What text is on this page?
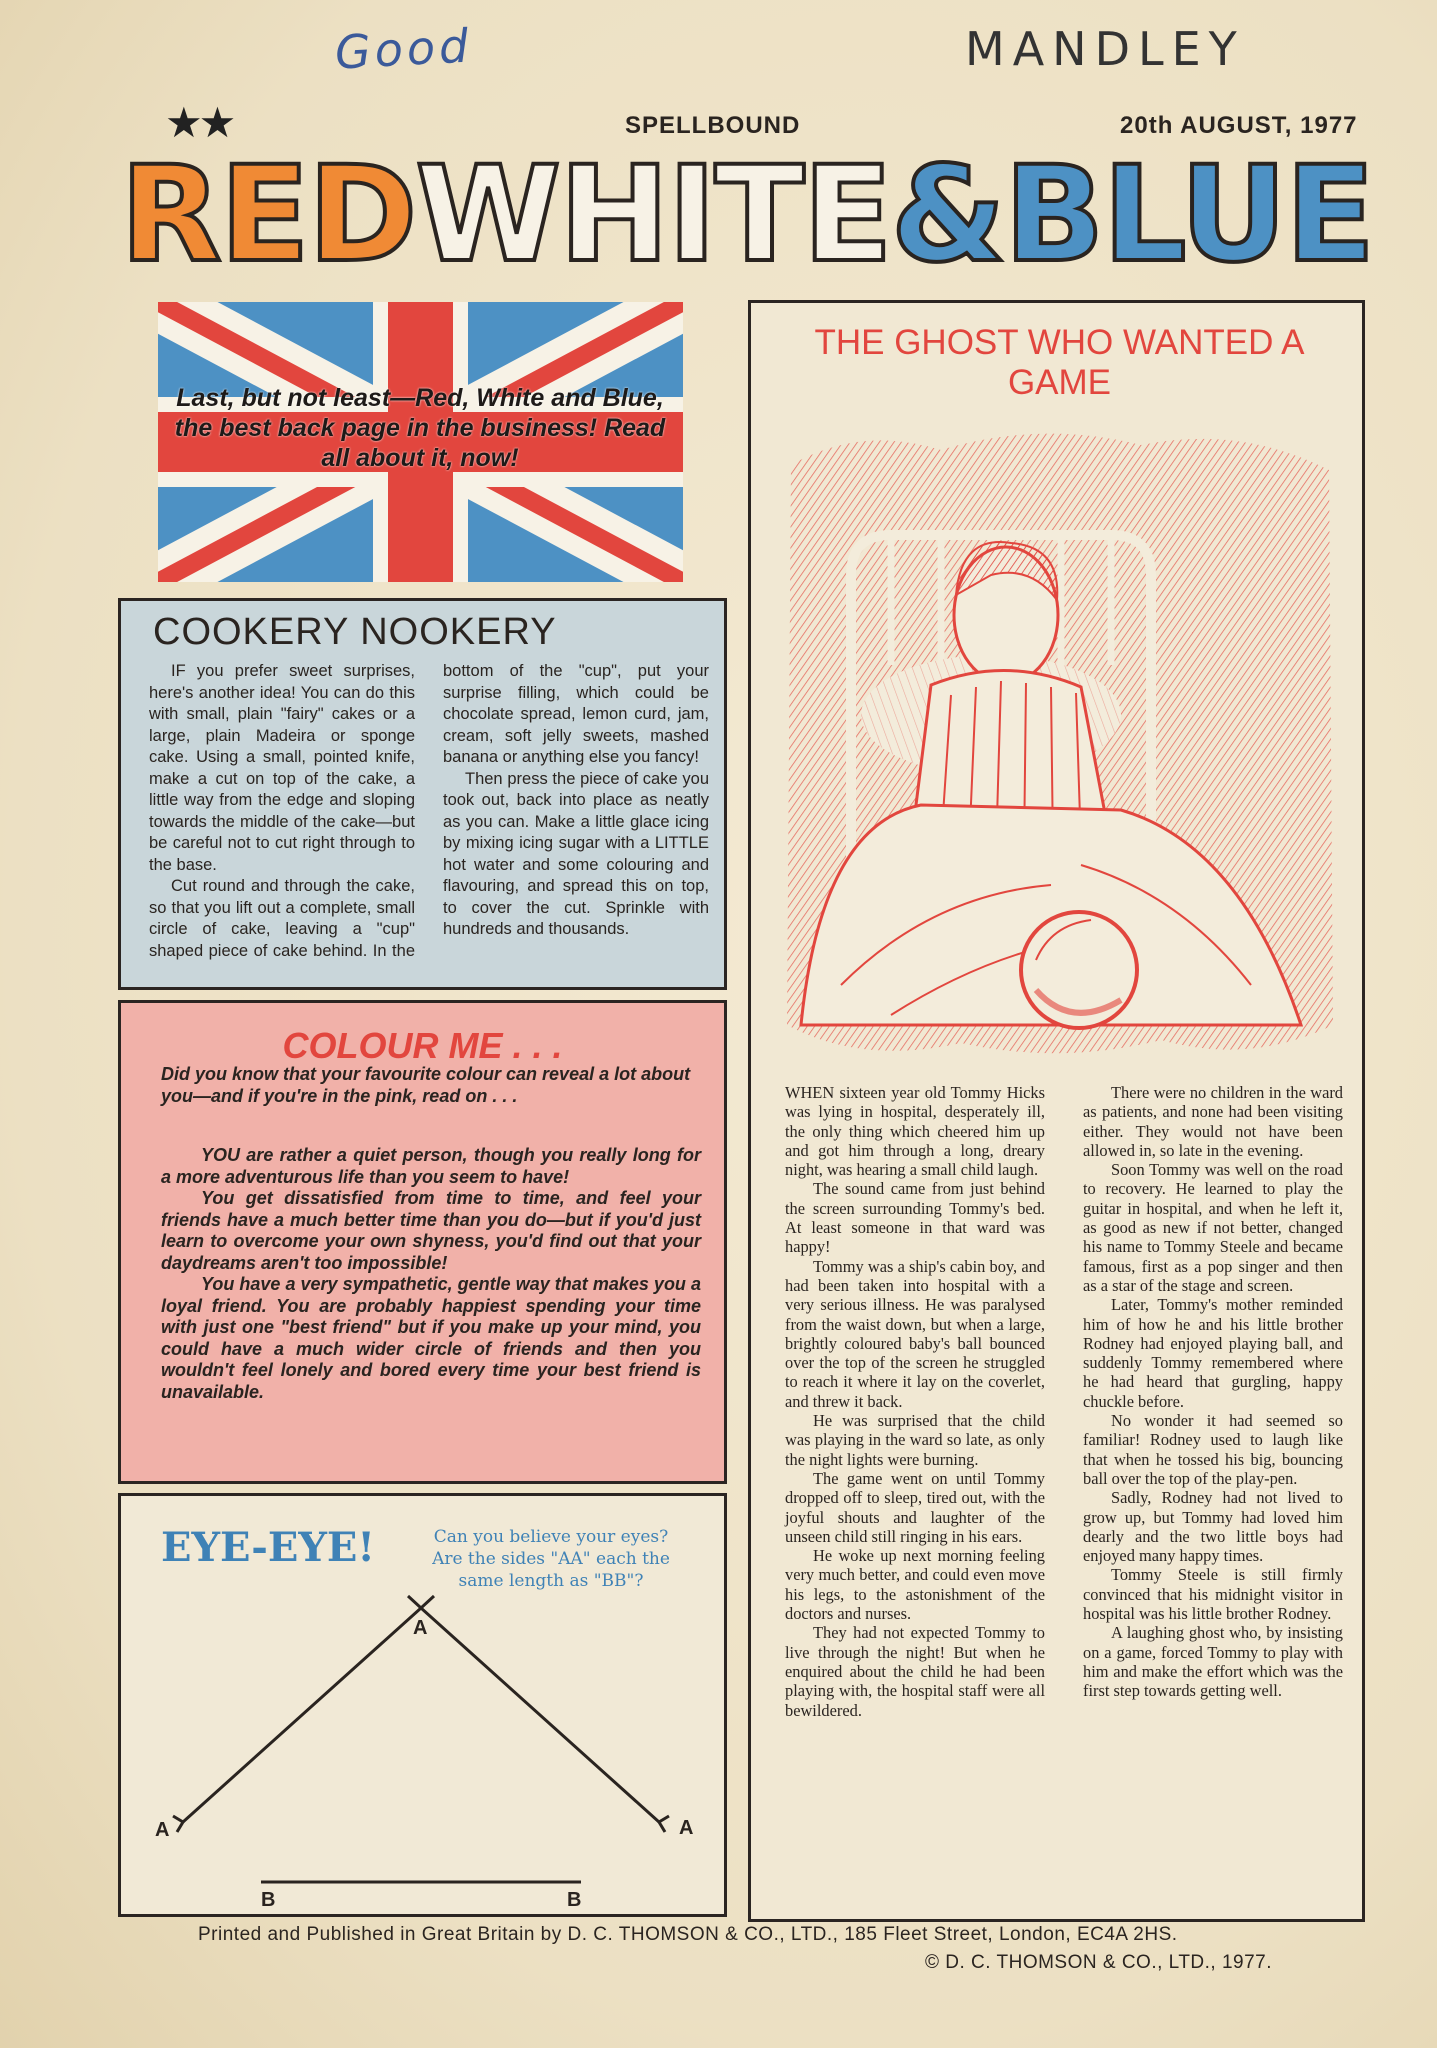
Good	MANDLEY
★★	SPELLBOUND	20th AUGUST, 1977
REDWHITE&BLUE
Last, but not least—Red, White and Blue, the best back page in the business! Read all about it, now!
COOKERY NOOKERY

IF you prefer sweet surprises, here's another idea! You can do this with small, plain "fairy" cakes or a large, plain Madeira or sponge cake. Using a small, pointed knife, make a cut on top of the cake, a little way from the edge and sloping towards the middle of the cake—but be careful not to cut right through to the base.

Cut round and through the cake, so that you lift out a complete, small circle of cake, leaving a "cup" shaped piece of cake behind. In the bottom of the "cup", put your surprise filling, which could be chocolate spread, lemon curd, jam, cream, soft jelly sweets, mashed banana or anything else you fancy!

Then press the piece of cake you took out, back into place as neatly as you can. Make a little glace icing by mixing icing sugar with a LITTLE hot water and some colouring and flavouring, and spread this on top, to cover the cut. Sprinkle with hundreds and thousands.

COLOUR ME . . .
Did you know that your favourite colour can reveal a lot about you—and if you're in the pink, read on . . .

YOU are rather a quiet person, though you really long for a more adventurous life than you seem to have!

You get dissatisfied from time to time, and feel your friends have a much better time than you do—but if you'd just learn to overcome your own shyness, you'd find out that your daydreams aren't too impossible!

You have a very sympathetic, gentle way that makes you a loyal friend. You are probably happiest spending your time with just one "best friend" but if you make up your mind, you could have a much wider circle of friends and then you wouldn't feel lonely and bored every time your best friend is unavailable.

A
A	A
B	B
EYE-EYE!	Can you believe your eyes? Are the sides "AA" each the same length as "BB"?
THE GHOST WHO WANTED A GAME

WHEN sixteen year old Tommy Hicks was lying in hospital, desperately ill, the only thing which cheered him up and got him through a long, dreary night, was hearing a small child laugh.

The sound came from just behind the screen surrounding Tommy's bed. At least someone in that ward was happy!

Tommy was a ship's cabin boy, and had been taken into hospital with a very serious illness. He was paralysed from the waist down, but when a large, brightly coloured baby's ball bounced over the top of the screen he struggled to reach it where it lay on the coverlet, and threw it back.

He was surprised that the child was playing in the ward so late, as only the night lights were burning.

The game went on until Tommy dropped off to sleep, tired out, with the joyful shouts and laughter of the unseen child still ringing in his ears.

He woke up next morning feeling very much better, and could even move his legs, to the astonishment of the doctors and nurses.

They had not expected Tommy to live through the night! But when he enquired about the child he had been playing with, the hospital staff were all bewildered.

There were no children in the ward as patients, and none had been visiting either. They would not have been allowed in, so late in the evening.

Soon Tommy was well on the road to recovery. He learned to play the guitar in hospital, and when he left it, as good as new if not better, changed his name to Tommy Steele and became famous, first as a pop singer and then as a star of the stage and screen.

Later, Tommy's mother reminded him of how he and his little brother Rodney had enjoyed playing ball, and suddenly Tommy remembered where he had heard that gurgling, happy chuckle before.

No wonder it had seemed so familiar! Rodney used to laugh like that when he tossed his big, bouncing ball over the top of the play-pen.

Sadly, Rodney had not lived to grow up, but Tommy had loved him dearly and the two little boys had enjoyed many happy times.

Tommy Steele is still firmly convinced that his midnight visitor in hospital was his little brother Rodney.

A laughing ghost who, by insisting on a game, forced Tommy to play with him and make the effort which was the first step towards getting well.

Printed and Published in Great Britain by D. C. THOMSON & CO., LTD., 185 Fleet Street, London, EC4A 2HS.
© D. C. THOMSON & CO., LTD., 1977.
